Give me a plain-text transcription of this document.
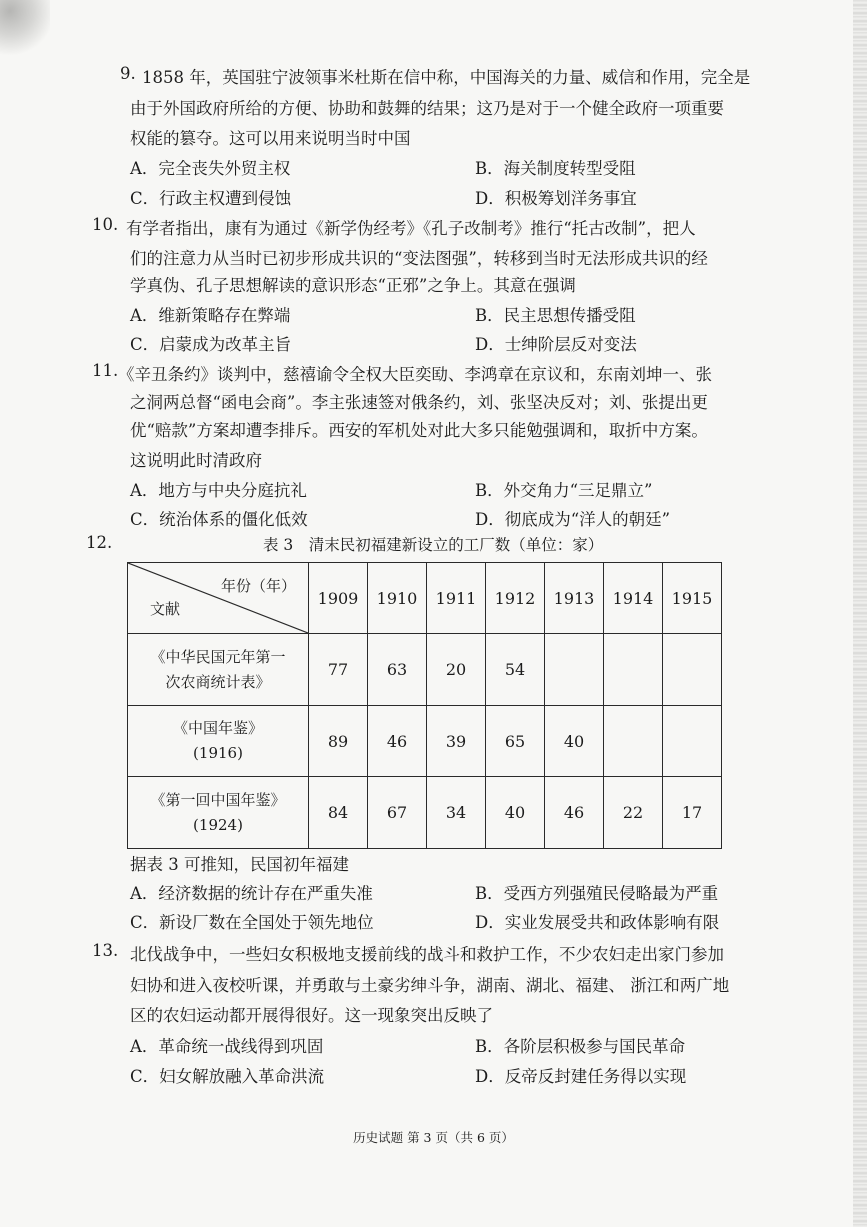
9. 1858 年，英国驻宁波领事米杜斯在信中称，中国海关的力量、威信和作用，完全是
由于外国政府所给的方便、协助和鼓舞的结果；这乃是对于一个健全政府一项重要
权能的篡夺。这可以用来说明当时中国
A．完全丧失外贸主权	B．海关制度转型受阻
C．行政主权遭到侵蚀	D．积极筹划洋务事宜
10. 有学者指出，康有为通过《新学伪经考》《孔子改制考》推行“托古改制”，把人
们的注意力从当时已初步形成共识的“变法图强”，转移到当时无法形成共识的经
学真伪、孔子思想解读的意识形态“正邪”之争上。其意在强调
A．维新策略存在弊端	B．民主思想传播受阻
C．启蒙成为改革主旨	D．士绅阶层反对变法
11. 《辛丑条约》谈判中，慈禧谕令全权大臣奕劻、李鸿章在京议和，东南刘坤一、张
之洞两总督“函电会商”。李主张速签对俄条约，刘、张坚决反对；刘、张提出更
优“赔款”方案却遭李排斥。西安的军机处对此大多只能勉强调和，取折中方案。
这说明此时清政府
A．地方与中央分庭抗礼	B．外交角力“三足鼎立”
C．统治体系的僵化低效	D．彻底成为“洋人的朝廷”
12.	表 3　清末民初福建新设立的工厂数（单位：家）
年份（年）
文献	1909	1910	1911	1912	1913	1914	1915

《中华民国元年第一
次农商统计表》	77	63	20	54			

《中国年鉴》
(1916)	89	46	39	65	40		

《第一回中国年鉴》
(1924)	84	67	34	40	46	22	17
据表 3 可推知，民国初年福建
A．经济数据的统计存在严重失准	B．受西方列强殖民侵略最为严重
C．新设厂数在全国处于领先地位	D．实业发展受共和政体影响有限
13. 北伐战争中，一些妇女积极地支援前线的战斗和救护工作，不少农妇走出家门参加
妇协和进入夜校听课，并勇敢与土豪劣绅斗争，湖南、湖北、福建、 浙江和两广地
区的农妇运动都开展得很好。这一现象突出反映了
A．革命统一战线得到巩固	B．各阶层积极参与国民革命
C．妇女解放融入革命洪流	D．反帝反封建任务得以实现
历史试题 第 3 页（共 6 页）
